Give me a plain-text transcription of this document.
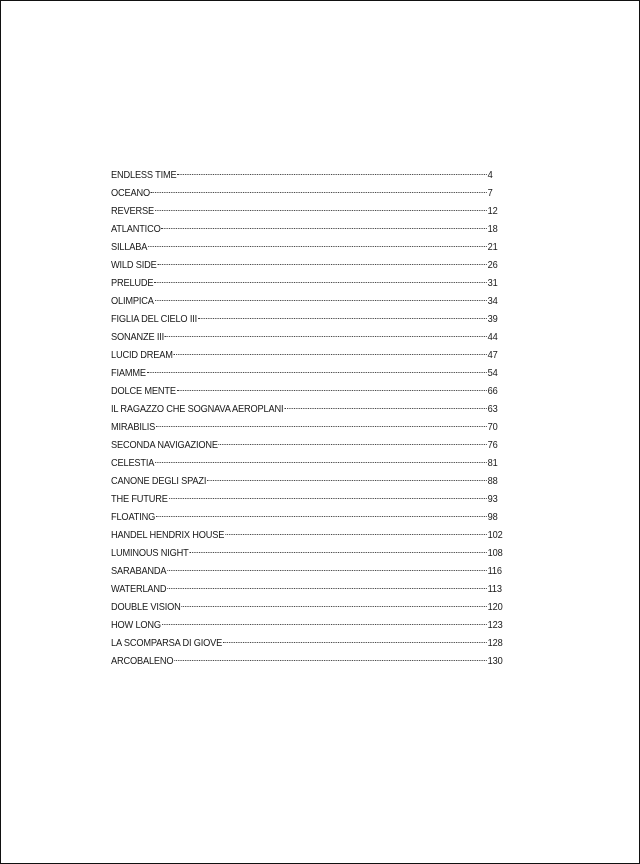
ENDLESS TIME	4
OCEANO	7
REVERSE	12
ATLANTICO	18
SILLABA	21
WILD SIDE	26
PRELUDE	31
OLIMPICA	34
FIGLIA DEL CIELO III	39
SONANZE III	44
LUCID DREAM	47
FIAMME	54
DOLCE MENTE	66
IL RAGAZZO CHE SOGNAVA AEROPLANI	63
MIRABILIS	70
SECONDA NAVIGAZIONE	76
CELESTIA	81
CANONE DEGLI SPAZI	88
THE FUTURE	93
FLOATING	98
HANDEL HENDRIX HOUSE	102
LUMINOUS NIGHT	108
SARABANDA	116
WATERLAND	113
DOUBLE VISION	120
HOW LONG	123
LA SCOMPARSA DI GIOVE	128
ARCOBALENO	130
